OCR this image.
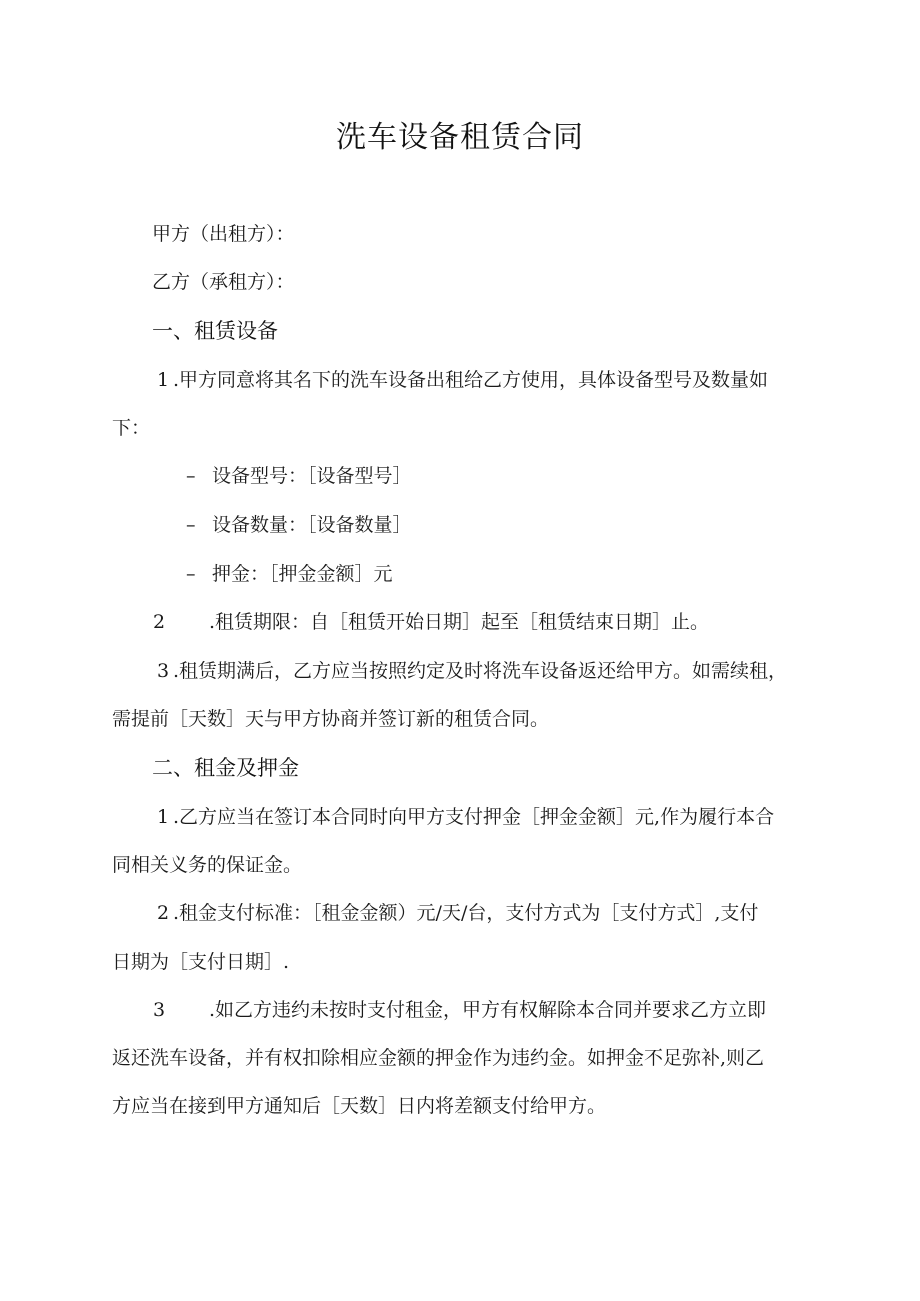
洗车设备租赁合同
甲方（出租方）：
乙方（承租方）：
一、租赁设备
1 .甲方同意将其名下的洗车设备出租给乙方使用，具体设备型号及数量如
下：
– 设备型号：［设备型号］
– 设备数量：［设备数量］
– 押金：［押金金额］元
2 .租赁期限：自［租赁开始日期］起至［租赁结束日期］止。
3 .租赁期满后，乙方应当按照约定及时将洗车设备返还给甲方。如需续租，
需提前［天数］天与甲方协商并签订新的租赁合同。
二、租金及押金
1 .乙方应当在签订本合同时向甲方支付押金［押金金额］元,作为履行本合
同相关义务的保证金。
2 .租金支付标准：［租金金额）元/天/台，支付方式为［支付方式］,支付
日期为［支付日期］.
3 .如乙方违约未按时支付租金，甲方有权解除本合同并要求乙方立即
返还洗车设备，并有权扣除相应金额的押金作为违约金。如押金不足弥补,则乙
方应当在接到甲方通知后［天数］日内将差额支付给甲方。
